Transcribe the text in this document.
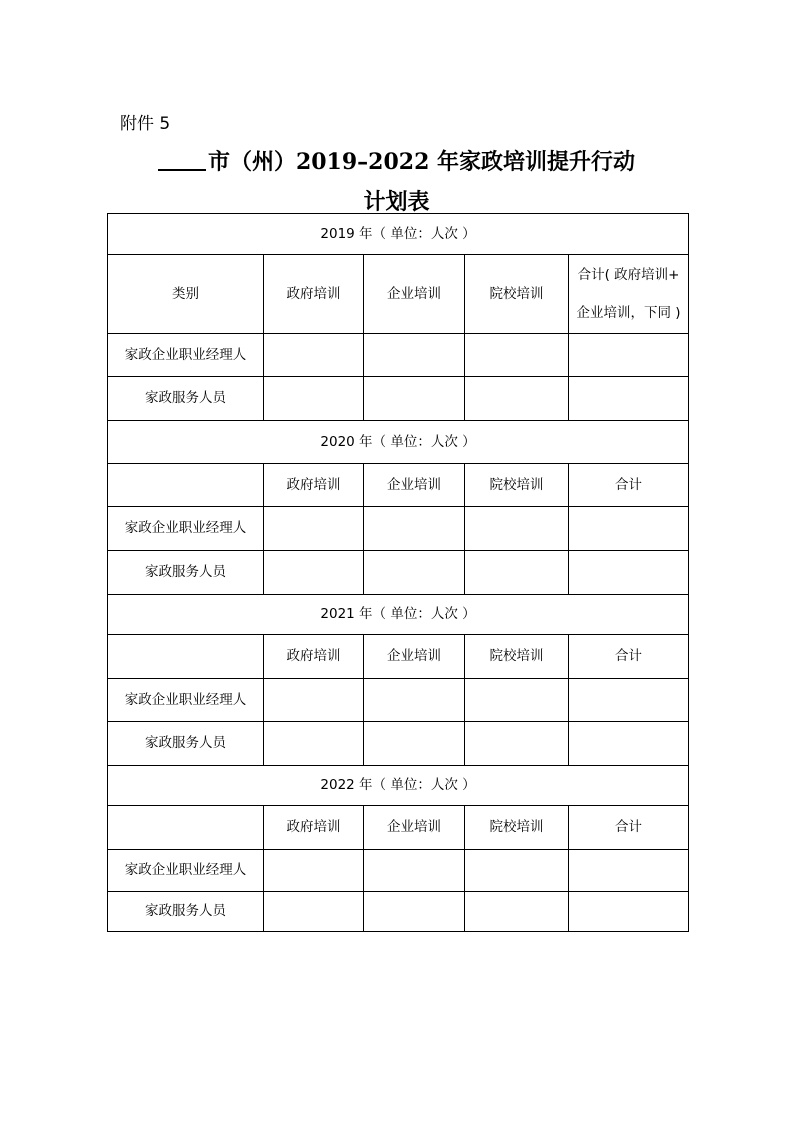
附件 5
市（州）2019–2022 年家政培训提升行动
计划表
2019 年（ 单位：人次 ）				
类别	政府培训	企业培训	院校培训	合计( 政府培训+
企业培训，下同 )

家政企业职业经理人				
家政服务人员				
2020 年（ 单位：人次 ）				
	政府培训	企业培训	院校培训	合计
家政企业职业经理人				
家政服务人员				
2021 年（ 单位：人次 ）				
	政府培训	企业培训	院校培训	合计
家政企业职业经理人				
家政服务人员				
2022 年（ 单位：人次 ）				
	政府培训	企业培训	院校培训	合计
家政企业职业经理人				
家政服务人员				
